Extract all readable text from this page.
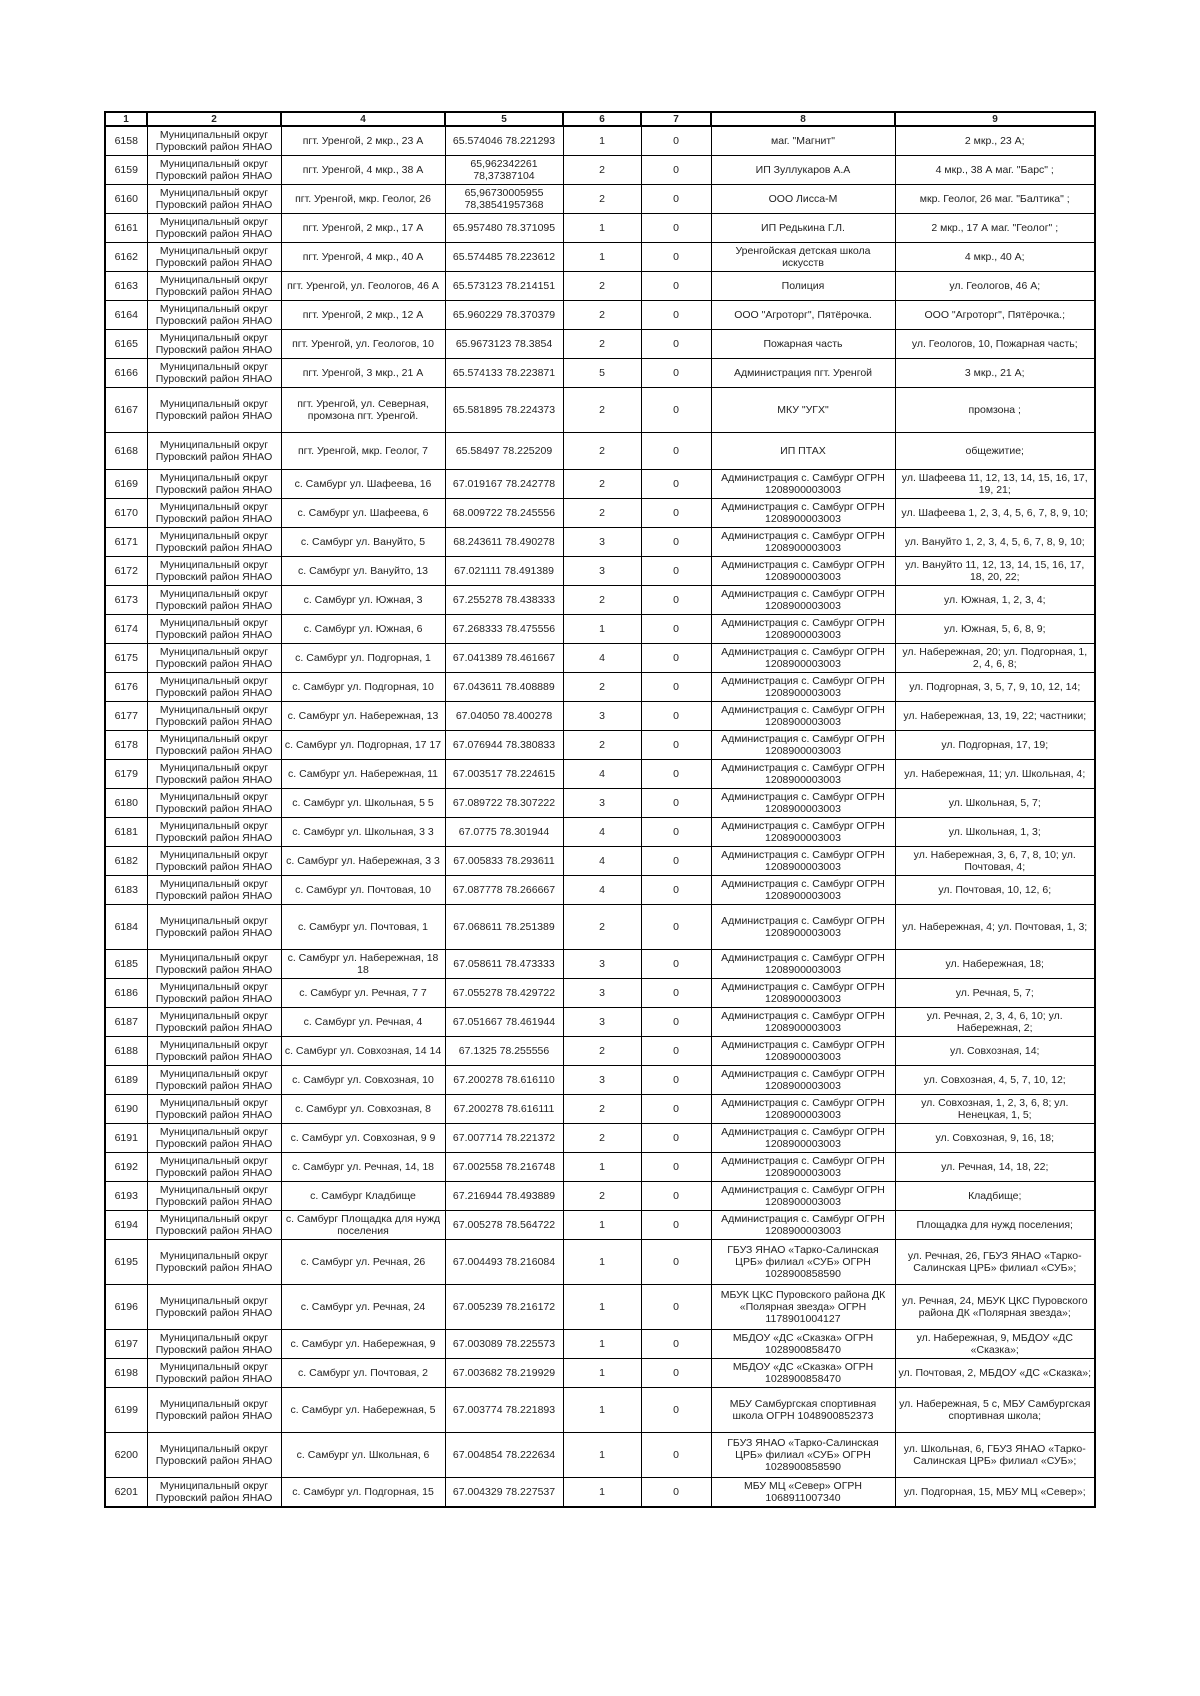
1	2	4	5	6	7	8	9
6158	Муниципальный округ Пуровский район ЯНАО	пгт. Уренгой, 2 мкр., 23 А	65.574046 78.221293	1	0	маг. "Магнит"	2 мкр., 23 А;
6159	Муниципальный округ Пуровский район ЯНАО	пгт. Уренгой, 4 мкр., 38 А	65,962342261 78,37387104	2	0	ИП Зуллукаров А.А	4 мкр., 38 А маг. "Барс" ;
6160	Муниципальный округ Пуровский район ЯНАО	пгт. Уренгой, мкр. Геолог, 26	65,96730005955 78,38541957368	2	0	ООО Лисса-М	мкр. Геолог, 26 маг. "Балтика" ;
6161	Муниципальный округ Пуровский район ЯНАО	пгт. Уренгой, 2 мкр., 17 А	65.957480 78.371095	1	0	ИП Редькина Г.Л.	2 мкр., 17 А маг. "Геолог" ;
6162	Муниципальный округ Пуровский район ЯНАО	пгт. Уренгой, 4 мкр., 40 А	65.574485 78.223612	1	0	Уренгойская детская школа искусств	4 мкр., 40 А;
6163	Муниципальный округ Пуровский район ЯНАО	пгт. Уренгой, ул. Геологов, 46 А	65.573123 78.214151	2	0	Полиция	ул. Геологов, 46 А;
6164	Муниципальный округ Пуровский район ЯНАО	пгт. Уренгой, 2 мкр., 12 А	65.960229 78.370379	2	0	ООО "Агроторг", Пятёрочка.	ООО "Агроторг", Пятёрочка.;
6165	Муниципальный округ Пуровский район ЯНАО	пгт. Уренгой, ул. Геологов, 10	65.9673123 78.3854	2	0	Пожарная часть	ул. Геологов, 10, Пожарная часть;
6166	Муниципальный округ Пуровский район ЯНАО	пгт. Уренгой, 3 мкр., 21 А	65.574133 78.223871	5	0	Администрация пгт. Уренгой	3 мкр., 21 А;
6167	Муниципальный округ Пуровский район ЯНАО	пгт. Уренгой, ул. Северная, промзона пгт. Уренгой.	65.581895 78.224373	2	0	МКУ "УГХ"	промзона ;
6168	Муниципальный округ Пуровский район ЯНАО	пгт. Уренгой, мкр. Геолог, 7	65.58497 78.225209	2	0	ИП ПТАХ	общежитие;
6169	Муниципальный округ Пуровский район ЯНАО	с. Самбург ул. Шафеева, 16	67.019167 78.242778	2	0	Администрация с. Самбург ОГРН 1208900003003	ул. Шафеева 11, 12, 13, 14, 15, 16, 17, 19, 21;
6170	Муниципальный округ Пуровский район ЯНАО	с. Самбург ул. Шафеева, 6	68.009722 78.245556	2	0	Администрация с. Самбург ОГРН 1208900003003	ул. Шафеева 1, 2, 3, 4, 5, 6, 7, 8, 9, 10;
6171	Муниципальный округ Пуровский район ЯНАО	с. Самбург ул. Вануйто, 5	68.243611 78.490278	3	0	Администрация с. Самбург ОГРН 1208900003003	ул. Вануйто 1, 2, 3, 4, 5, 6, 7, 8, 9, 10;
6172	Муниципальный округ Пуровский район ЯНАО	с. Самбург ул. Вануйто, 13	67.021111 78.491389	3	0	Администрация с. Самбург ОГРН 1208900003003	ул. Вануйто 11, 12, 13, 14, 15, 16, 17, 18, 20, 22;
6173	Муниципальный округ Пуровский район ЯНАО	с. Самбург ул. Южная, 3	67.255278 78.438333	2	0	Администрация с. Самбург ОГРН 1208900003003	ул. Южная, 1, 2, 3, 4;
6174	Муниципальный округ Пуровский район ЯНАО	с. Самбург ул. Южная, 6	67.268333 78.475556	1	0	Администрация с. Самбург ОГРН 1208900003003	ул. Южная, 5, 6, 8, 9;
6175	Муниципальный округ Пуровский район ЯНАО	с. Самбург ул. Подгорная, 1	67.041389 78.461667	4	0	Администрация с. Самбург ОГРН 1208900003003	ул. Набережная, 20; ул. Подгорная, 1, 2, 4, 6, 8;
6176	Муниципальный округ Пуровский район ЯНАО	с. Самбург ул. Подгорная, 10	67.043611 78.408889	2	0	Администрация с. Самбург ОГРН 1208900003003	ул. Подгорная, 3, 5, 7, 9, 10, 12, 14;
6177	Муниципальный округ Пуровский район ЯНАО	с. Самбург ул. Набережная, 13	67.04050 78.400278	3	0	Администрация с. Самбург ОГРН 1208900003003	ул. Набережная, 13, 19, 22; частники;
6178	Муниципальный округ Пуровский район ЯНАО	с. Самбург ул. Подгорная, 17 17	67.076944 78.380833	2	0	Администрация с. Самбург ОГРН 1208900003003	ул. Подгорная, 17, 19;
6179	Муниципальный округ Пуровский район ЯНАО	с. Самбург ул. Набережная, 11	67.003517 78.224615	4	0	Администрация с. Самбург ОГРН 1208900003003	ул. Набережная, 11; ул. Школьная, 4;
6180	Муниципальный округ Пуровский район ЯНАО	с. Самбург ул. Школьная, 5 5	67.089722 78.307222	3	0	Администрация с. Самбург ОГРН 1208900003003	ул. Школьная, 5, 7;
6181	Муниципальный округ Пуровский район ЯНАО	с. Самбург ул. Школьная, 3 3	67.0775 78.301944	4	0	Администрация с. Самбург ОГРН 1208900003003	ул. Школьная, 1, 3;
6182	Муниципальный округ Пуровский район ЯНАО	с. Самбург ул. Набережная, 3 3	67.005833 78.293611	4	0	Администрация с. Самбург ОГРН 1208900003003	ул. Набережная, 3, 6, 7, 8, 10; ул. Почтовая, 4;
6183	Муниципальный округ Пуровский район ЯНАО	с. Самбург ул. Почтовая, 10	67.087778 78.266667	4	0	Администрация с. Самбург ОГРН 1208900003003	ул. Почтовая, 10, 12, 6;
6184	Муниципальный округ Пуровский район ЯНАО	с. Самбург ул. Почтовая, 1	67.068611 78.251389	2	0	Администрация с. Самбург ОГРН 1208900003003	ул. Набережная, 4; ул. Почтовая, 1, 3;
6185	Муниципальный округ Пуровский район ЯНАО	с. Самбург ул. Набережная, 18 18	67.058611 78.473333	3	0	Администрация с. Самбург ОГРН 1208900003003	ул. Набережная, 18;
6186	Муниципальный округ Пуровский район ЯНАО	с. Самбург ул. Речная, 7 7	67.055278 78.429722	3	0	Администрация с. Самбург ОГРН 1208900003003	ул. Речная, 5, 7;
6187	Муниципальный округ Пуровский район ЯНАО	с. Самбург ул. Речная, 4	67.051667 78.461944	3	0	Администрация с. Самбург ОГРН 1208900003003	ул. Речная, 2, 3, 4, 6, 10; ул. Набережная, 2;
6188	Муниципальный округ Пуровский район ЯНАО	с. Самбург ул. Совхозная, 14 14	67.1325 78.255556	2	0	Администрация с. Самбург ОГРН 1208900003003	ул. Совхозная, 14;
6189	Муниципальный округ Пуровский район ЯНАО	с. Самбург ул. Совхозная, 10	67.200278 78.616110	3	0	Администрация с. Самбург ОГРН 1208900003003	ул. Совхозная, 4, 5, 7, 10, 12;
6190	Муниципальный округ Пуровский район ЯНАО	с. Самбург ул. Совхозная, 8	67.200278 78.616111	2	0	Администрация с. Самбург ОГРН 1208900003003	ул. Совхозная, 1, 2, 3, 6, 8; ул. Ненецкая, 1, 5;
6191	Муниципальный округ Пуровский район ЯНАО	с. Самбург ул. Совхозная, 9 9	67.007714 78.221372	2	0	Администрация с. Самбург ОГРН 1208900003003	ул. Совхозная, 9, 16, 18;
6192	Муниципальный округ Пуровский район ЯНАО	с. Самбург ул. Речная, 14, 18	67.002558 78.216748	1	0	Администрация с. Самбург ОГРН 1208900003003	ул. Речная, 14, 18, 22;
6193	Муниципальный округ Пуровский район ЯНАО	с. Самбург Кладбище	67.216944 78.493889	2	0	Администрация с. Самбург ОГРН 1208900003003	Кладбище;
6194	Муниципальный округ Пуровский район ЯНАО	с. Самбург Площадка для нужд поселения	67.005278 78.564722	1	0	Администрация с. Самбург ОГРН 1208900003003	Площадка для нужд поселения;
6195	Муниципальный округ Пуровский район ЯНАО	с. Самбург ул. Речная, 26	67.004493 78.216084	1	0	ГБУЗ ЯНАО «Тарко-Салинская ЦРБ» филиал «СУБ» ОГРН 1028900858590	ул. Речная, 26, ГБУЗ ЯНАО «Тарко-Салинская ЦРБ» филиал «СУБ»;
6196	Муниципальный округ Пуровский район ЯНАО	с. Самбург ул. Речная, 24	67.005239 78.216172	1	0	МБУК ЦКС Пуровского района ДК «Полярная звезда» ОГРН 1178901004127	ул. Речная, 24, МБУК ЦКС Пуровского района ДК «Полярная звезда»;
6197	Муниципальный округ Пуровский район ЯНАО	с. Самбург ул. Набережная, 9	67.003089 78.225573	1	0	МБДОУ «ДС «Сказка» ОГРН 1028900858470	ул. Набережная, 9, МБДОУ «ДС «Сказка»;
6198	Муниципальный округ Пуровский район ЯНАО	с. Самбург ул. Почтовая, 2	67.003682 78.219929	1	0	МБДОУ «ДС «Сказка» ОГРН 1028900858470	ул. Почтовая, 2, МБДОУ «ДС «Сказка»;
6199	Муниципальный округ Пуровский район ЯНАО	с. Самбург ул. Набережная, 5	67.003774 78.221893	1	0	МБУ Самбургская спортивная школа ОГРН 1048900852373	ул. Набережная, 5 с, МБУ Самбургская спортивная школа;
6200	Муниципальный округ Пуровский район ЯНАО	с. Самбург ул. Школьная, 6	67.004854 78.222634	1	0	ГБУЗ ЯНАО «Тарко-Салинская ЦРБ» филиал «СУБ» ОГРН 1028900858590	ул. Школьная, 6, ГБУЗ ЯНАО «Тарко-Салинская ЦРБ» филиал «СУБ»;
6201	Муниципальный округ Пуровский район ЯНАО	с. Самбург ул. Подгорная, 15	67.004329 78.227537	1	0	МБУ МЦ «Север» ОГРН 1068911007340	ул. Подгорная, 15, МБУ МЦ «Север»;
